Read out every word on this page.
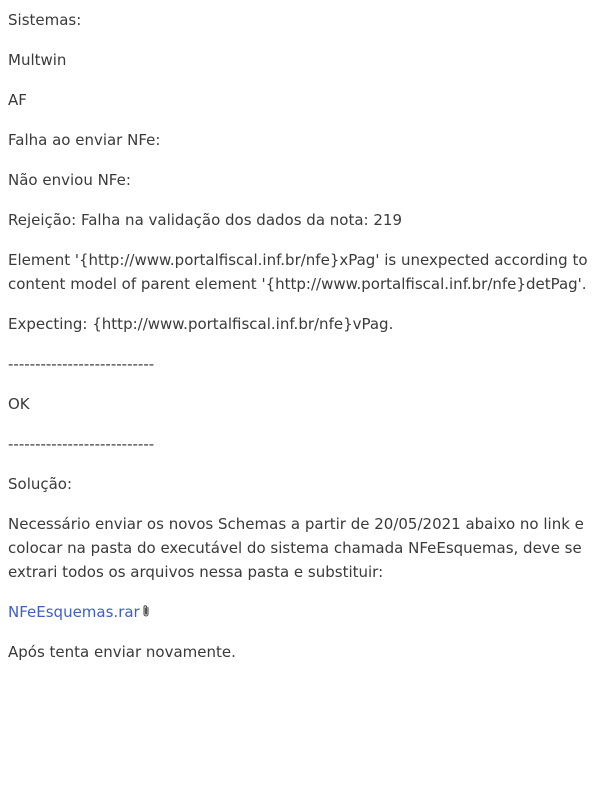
Sistemas:

Multwin

AF

Falha ao enviar NFe:

Não enviou NFe:

Rejeição: Falha na validação dos dados da nota: 219

Element '{http://www.portalfiscal.inf.br/nfe}xPag' is unexpected according to content model of parent element '{http://www.portalfiscal.inf.br/nfe}detPag'.

Expecting: {http://www.portalfiscal.inf.br/nfe}vPag.

---------------------------

OK

---------------------------

Solução:

Necessário enviar os novos Schemas a partir de 20/05/2021 abaixo no link e colocar na pasta do executável do sistema chamada NFeEsquemas, deve se extrari todos os arquivos nessa pasta e substituir:

NFeEsquemas.rar

Após tenta enviar novamente.
